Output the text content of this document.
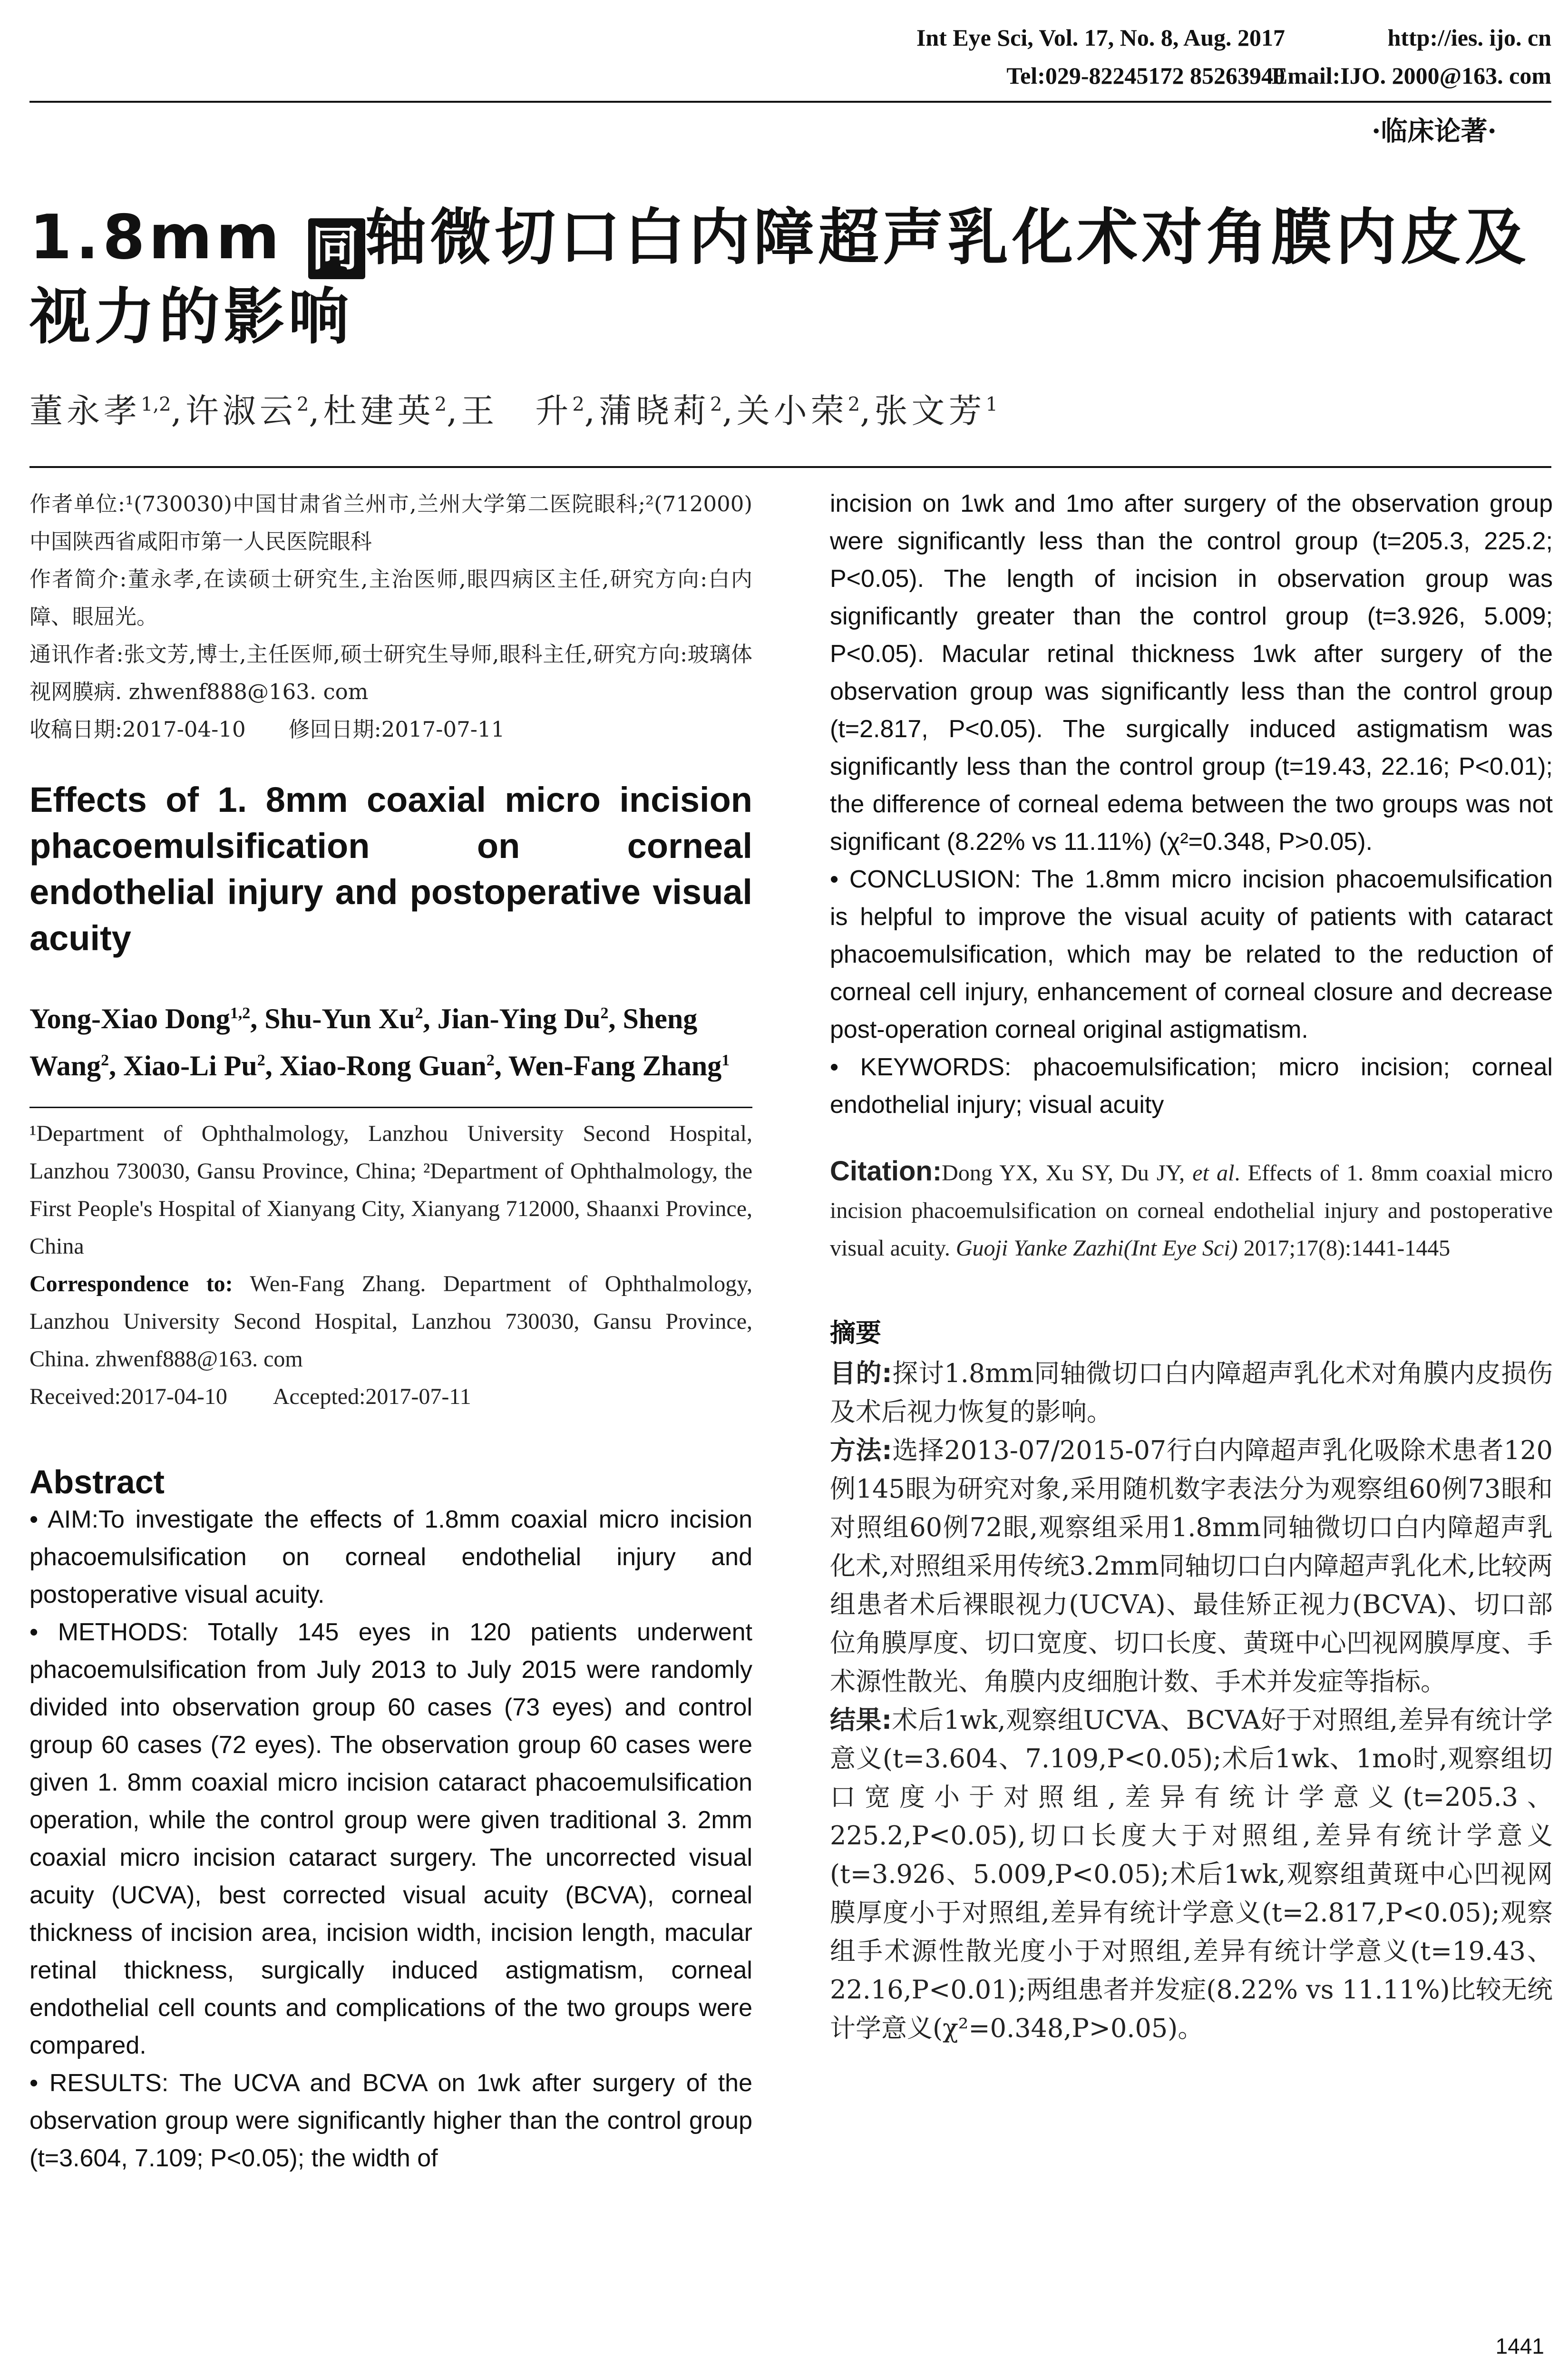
Int Eye Sci, Vol. 17, No. 8, Aug. 2017	http://ies. ijo. cn
Tel:029-82245172 85263940
Email:IJO. 2000@163. com
·临床论著·
1.8mm 同轴微切口白内障超声乳化术对角膜内皮及视力的影响
董永孝$^{1,2}$,许淑云$^2$,杜建英$^2$,王　升$^2$,蒲晓莉$^2$,关小荣$^2$,张文芳$^1$

作者单位:¹(730030)中国甘肃省兰州市,兰州大学第二医院眼科;²(712000)中国陕西省咸阳市第一人民医院眼科

作者简介:董永孝,在读硕士研究生,主治医师,眼四病区主任,研究方向:白内障、眼屈光。

通讯作者:张文芳,博士,主任医师,硕士研究生导师,眼科主任,研究方向:玻璃体视网膜病. zhwenf888@163. com

收稿日期:2017-04-10　　修回日期:2017-07-11

Effects of 1. 8mm coaxial micro incision phacoemulsification on corneal endothelial injury and postoperative visual acuity
Yong-Xiao Dong$^{1,2}$, Shu-Yun Xu$^2$, Jian-Ying Du$^2$, Sheng Wang$^2$, Xiao-Li Pu$^2$, Xiao-Rong Guan$^2$, Wen-Fang Zhang$^1$

¹Department of Ophthalmology, Lanzhou University Second Hospital, Lanzhou 730030, Gansu Province, China; ²Department of Ophthalmology, the First People's Hospital of Xianyang City, Xianyang 712000, Shaanxi Province, China

Correspondence to: Wen-Fang Zhang. Department of Ophthalmology, Lanzhou University Second Hospital, Lanzhou 730030, Gansu Province, China. zhwenf888@163. com

Received:2017-04-10　　Accepted:2017-07-11

Abstract

• AIM:To investigate the effects of 1.8mm coaxial micro incision phacoemulsification on corneal endothelial injury and postoperative visual acuity.

• METHODS: Totally 145 eyes in 120 patients underwent phacoemulsification from July 2013 to July 2015 were randomly divided into observation group 60 cases (73 eyes) and control group 60 cases (72 eyes). The observation group 60 cases were given 1. 8mm coaxial micro incision cataract phacoemulsification operation, while the control group were given traditional 3. 2mm coaxial micro incision cataract surgery. The uncorrected visual acuity (UCVA), best corrected visual acuity (BCVA), corneal thickness of incision area, incision width, incision length, macular retinal thickness, surgically induced astigmatism, corneal endothelial cell counts and complications of the two groups were compared.

• RESULTS: The UCVA and BCVA on 1wk after surgery of the observation group were significantly higher than the control group (t=3.604, 7.109; P<0.05); the width of

incision on 1wk and 1mo after surgery of the observation group were significantly less than the control group (t=205.3, 225.2; P<0.05). The length of incision in observation group was significantly greater than the control group (t=3.926, 5.009; P<0.05). Macular retinal thickness 1wk after surgery of the observation group was significantly less than the control group (t=2.817, P<0.05). The surgically induced astigmatism was significantly less than the control group (t=19.43, 22.16; P<0.01); the difference of corneal edema between the two groups was not significant (8.22% vs 11.11%) (χ²=0.348, P>0.05).

• CONCLUSION: The 1.8mm micro incision phacoemulsification is helpful to improve the visual acuity of patients with cataract phacoemulsification, which may be related to the reduction of corneal cell injury, enhancement of corneal closure and decrease post-operation corneal original astigmatism.

• KEYWORDS: phacoemulsification; micro incision; corneal endothelial injury; visual acuity

Citation:Dong YX, Xu SY, Du JY, et al. Effects of 1. 8mm coaxial micro incision phacoemulsification on corneal endothelial injury and postoperative visual acuity. Guoji Yanke Zazhi(Int Eye Sci) 2017;17(8):1441-1445
摘要

目的:探讨1.8mm同轴微切口白内障超声乳化术对角膜内皮损伤及术后视力恢复的影响。

方法:选择2013-07/2015-07行白内障超声乳化吸除术患者120例145眼为研究对象,采用随机数字表法分为观察组60例73眼和对照组60例72眼,观察组采用1.8mm同轴微切口白内障超声乳化术,对照组采用传统3.2mm同轴切口白内障超声乳化术,比较两组患者术后裸眼视力(UCVA)、最佳矫正视力(BCVA)、切口部位角膜厚度、切口宽度、切口长度、黄斑中心凹视网膜厚度、手术源性散光、角膜内皮细胞计数、手术并发症等指标。

结果:术后1wk,观察组UCVA、BCVA好于对照组,差异有统计学意义(t=3.604、7.109,P<0.05);术后1wk、1mo时,观察组切口宽度小于对照组,差异有统计学意义(t=205.3、225.2,P<0.05),切口长度大于对照组,差异有统计学意义(t=3.926、5.009,P<0.05);术后1wk,观察组黄斑中心凹视网膜厚度小于对照组,差异有统计学意义(t=2.817,P<0.05);观察组手术源性散光度小于对照组,差异有统计学意义(t=19.43、22.16,P<0.01);两组患者并发症(8.22% vs 11.11%)比较无统计学意义(χ²=0.348,P>0.05)。

1441
